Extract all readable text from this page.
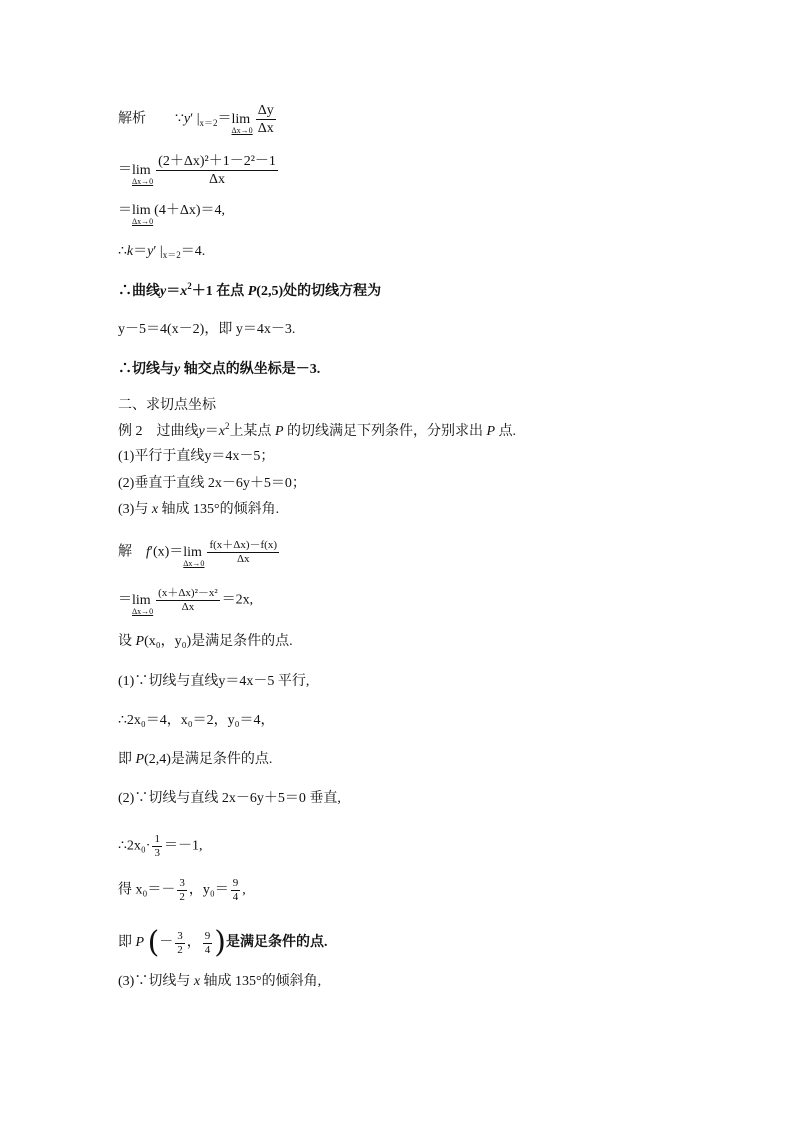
解析 ∵y′ $|_{x=2}=\lim$
Δx→0
$\frac{\Delta y}{\Delta x}$
＝lim
Δx→0
$\frac{\text{(2＋Δx)²＋1－2²－1}}{\Delta x}$
＝lim
Δx→0
(4＋Δx)＝4,
∴k＝y′ $|_{x=2}=4$.
∴曲线$y=x^2+1$ 在点 P(2,5)处的切线方程为
y－5＝4(x－2)，即 y＝4x－3.
∴切线与y 轴交点的纵坐标是－3.
二、求切点坐标
例 2　过曲线$y=x^2$上某点 P 的切线满足下列条件，分别求出 P 点.
(1)平行于直线y＝4x－5；
(2)垂直于直线 2x－6y＋5＝0；
(3)与 x 轴成 135°的倾斜角.
解　f′(x)＝lim
Δx→0
$\frac{f(x+\Delta x)-f(x)}{\Delta x}$
＝lim
Δx→0
$\frac{\text{(x＋Δx)²－x²}}{\Delta x} =2x$,
设 P(x₀，y₀)是满足条件的点.
(1)∵切线与直线y＝4x－5 平行,
∴2x₀＝4，x₀＝2，y₀＝4，
即 P(2,4)是满足条件的点.
(2)∵切线与直线 2x－6y＋5＝0 垂直,
∴2x₀· $\frac{1}{3} =-1$,
得 $x_0=- \frac{3}{2}$ ，$y_0= \frac{9}{4}$ ,
即 P (－ $\frac{3}{2}$ ， $\frac{9}{4}$ )是满足条件的点.
(3)∵切线与 x 轴成 135°的倾斜角,
